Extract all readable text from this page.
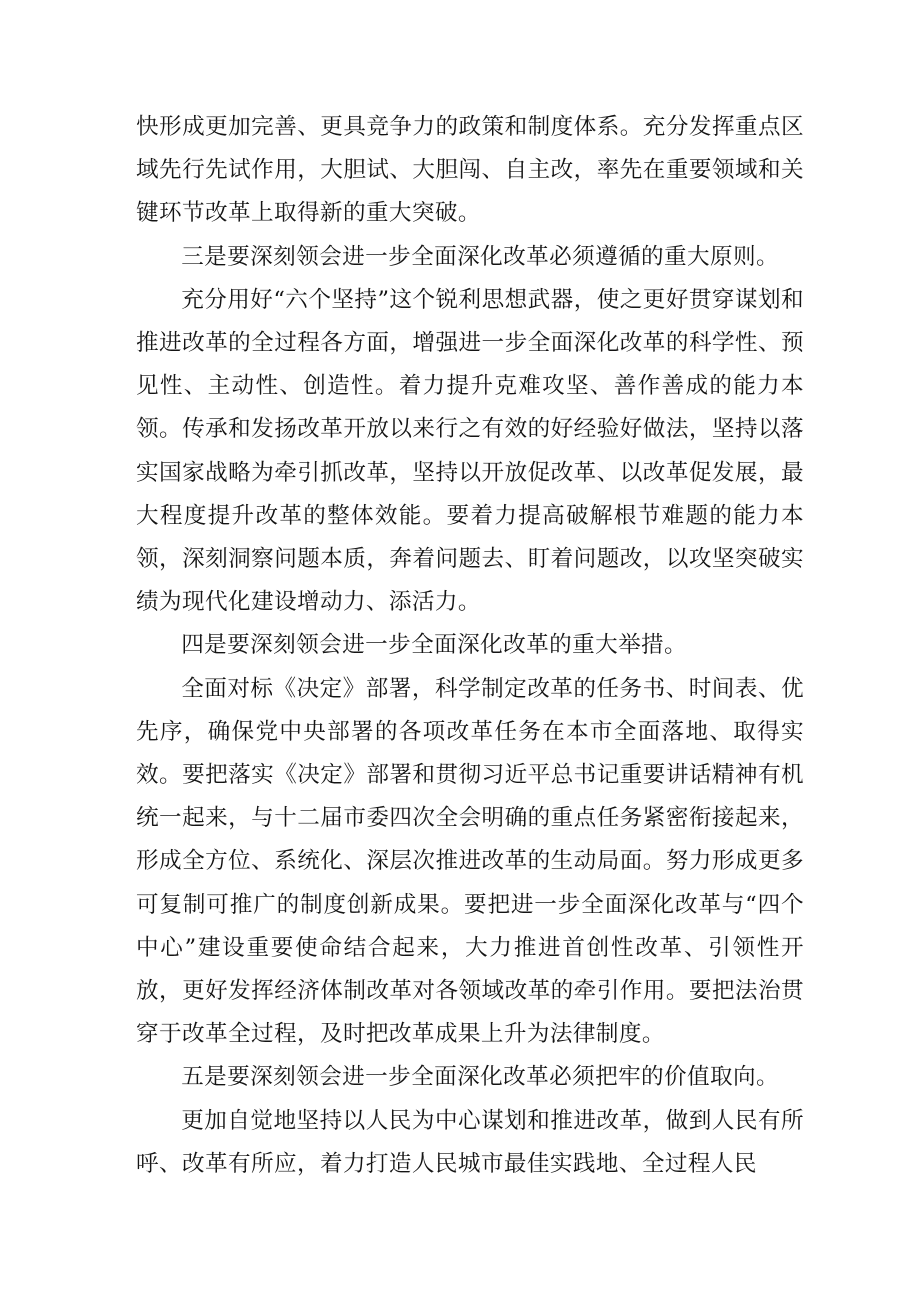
快形成更加完善、更具竞争力的政策和制度体系。充分发挥重点区域先行先试作用，大胆试、大胆闯、自主改，率先在重要领域和关键环节改革上取得新的重大突破。

三是要深刻领会进一步全面深化改革必须遵循的重大原则。

充分用好“六个坚持”这个锐利思想武器，使之更好贯穿谋划和推进改革的全过程各方面，增强进一步全面深化改革的科学性、预见性、主动性、创造性。着力提升克难攻坚、善作善成的能力本领。传承和发扬改革开放以来行之有效的好经验好做法，坚持以落实国家战略为牵引抓改革，坚持以开放促改革、以改革促发展，最大程度提升改革的整体效能。要着力提高破解根节难题的能力本领，深刻洞察问题本质，奔着问题去、盯着问题改，以攻坚突破实绩为现代化建设增动力、添活力。

四是要深刻领会进一步全面深化改革的重大举措。

全面对标《决定》部署，科学制定改革的任务书、时间表、优先序，确保党中央部署的各项改革任务在本市全面落地、取得实效。要把落实《决定》部署和贯彻习近平总书记重要讲话精神有机统一起来，与十二届市委四次全会明确的重点任务紧密衔接起来，形成全方位、系统化、深层次推进改革的生动局面。努力形成更多可复制可推广的制度创新成果。要把进一步全面深化改革与“四个中心”建设重要使命结合起来，大力推进首创性改革、引领性开放，更好发挥经济体制改革对各领域改革的牵引作用。要把法治贯穿于改革全过程，及时把改革成果上升为法律制度。

五是要深刻领会进一步全面深化改革必须把牢的价值取向。

更加自觉地坚持以人民为中心谋划和推进改革，做到人民有所呼、改革有所应，着力打造人民城市最佳实践地、全过程人民
